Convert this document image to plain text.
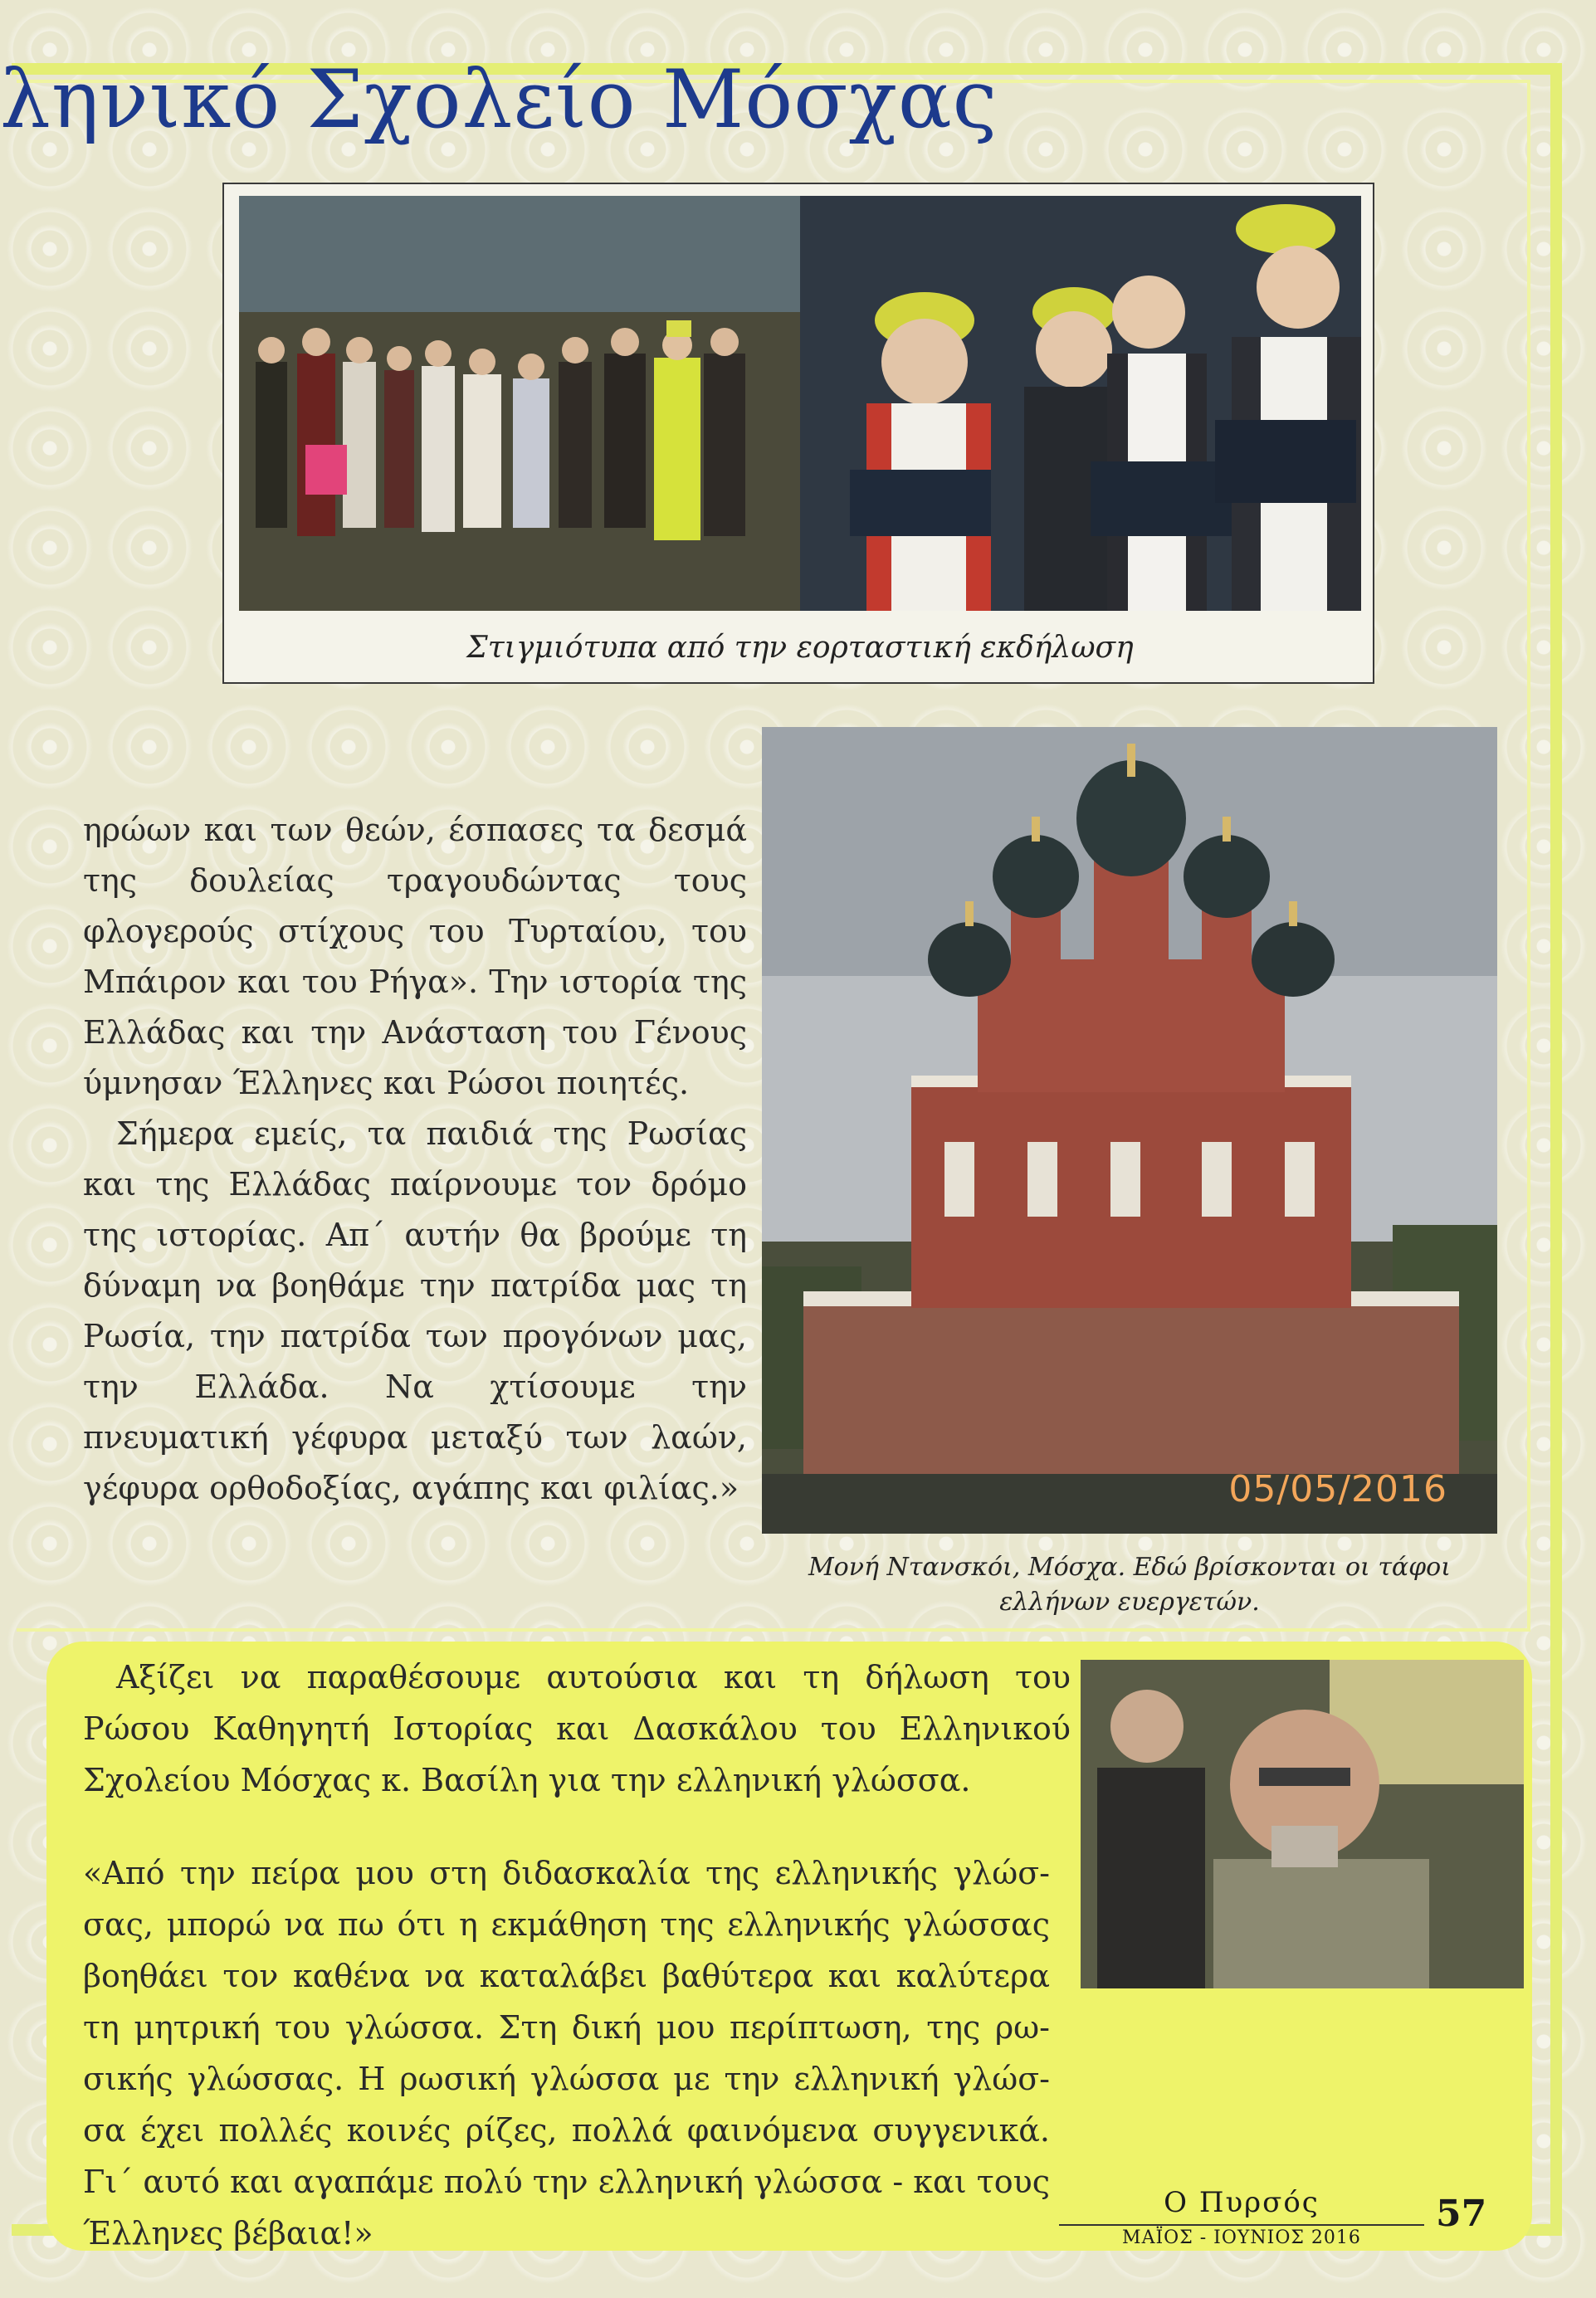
ληνικό Σχολείο Μόσχας
Στιγμιότυπα από την εορταστική εκδήλωση

ηρώων και των θεών, έσπασες τα δεσμά της δουλείας τραγουδώντας τους φλογερούς στίχους του Τυρταίου, του Μπάιρον και του Ρήγα». Την ιστορία της Ελλάδας και την Ανάσταση του Γένους ύμνησαν Έλληνες και Ρώσοι ποιητές.

Σήμερα εμείς, τα παιδιά της Ρωσίας και της Ελλάδας παίρνουμε τον δρόμο της ιστορίας. Απ΄ αυτήν θα βρούμε τη δύναμη να βοηθάμε την πατρίδα μας τη Ρωσία, την πατρίδα των προγόνων μας, την Ελλάδα. Να χτίσουμε την πνευματική γέφυρα μεταξύ των λαών, γέφυρα ορθοδοξίας, αγάπης και φιλίας.»	05/05/2016
Μονή Ντανσκόι, Μόσχα. Εδώ βρίσκονται οι τάφοι ελλήνων ευεργετών.

Αξίζει να παραθέσουμε αυτούσια και τη δήλωση του Ρώσου Καθηγητή Ιστορίας και Δασκάλου του Ελληνικού Σχολείου Μόσχας κ. Βασίλη για την ελληνική γλώσσα.

«Από την πείρα μου στη διδασκαλία της ελληνικής γλώσ-
σας, μπορώ να πω ότι η εκμάθηση της ελληνικής γλώσσας
βοηθάει τον καθένα να καταλάβει βαθύτερα και καλύτερα
τη μητρική του γλώσσα. Στη δική μου περίπτωση, της ρω-
σικής γλώσσας. Η ρωσική γλώσσα με την ελληνική γλώσ-
σα έχει πολλές κοινές ρίζες, πολλά φαινόμενα συγγενικά.
Γι΄ αυτό και αγαπάμε πολύ την ελληνική γλώσσα - και τους
Έλληνες βέβαια!»
Ο Πυρσός
ΜΑΪΟΣ - ΙΟΥΝΙΟΣ 2016
57
